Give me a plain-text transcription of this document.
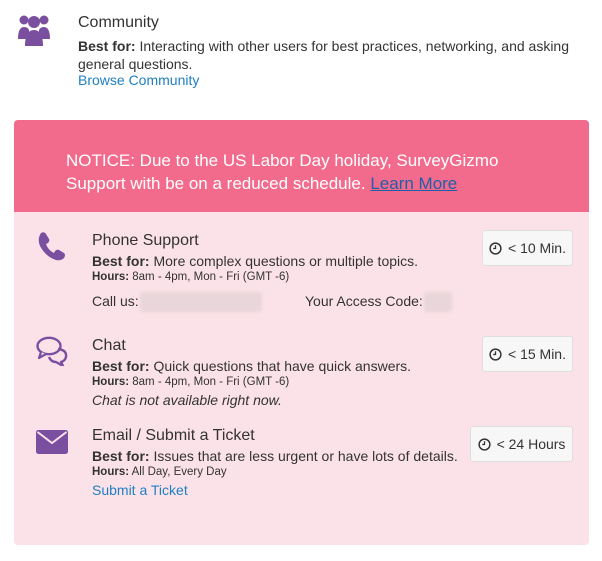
Community
Best for: Interacting with other users for best practices, networking, and asking general questions.
Browse Community
NOTICE: Due to the US Labor Day holiday, SurveyGizmo Support with be on a reduced schedule. Learn More
Phone Support
Best for: More complex questions or multiple topics.
Hours: 8am - 4pm, Mon - Fri (GMT -6)
Call us:	Your Access Code:
< 10 Min.
Chat
Best for: Quick questions that have quick answers.
Hours: 8am - 4pm, Mon - Fri (GMT -6)
Chat is not available right now.
< 15 Min.
Email / Submit a Ticket
Best for: Issues that are less urgent or have lots of details.
Hours: All Day, Every Day
Submit a Ticket
< 24 Hours
